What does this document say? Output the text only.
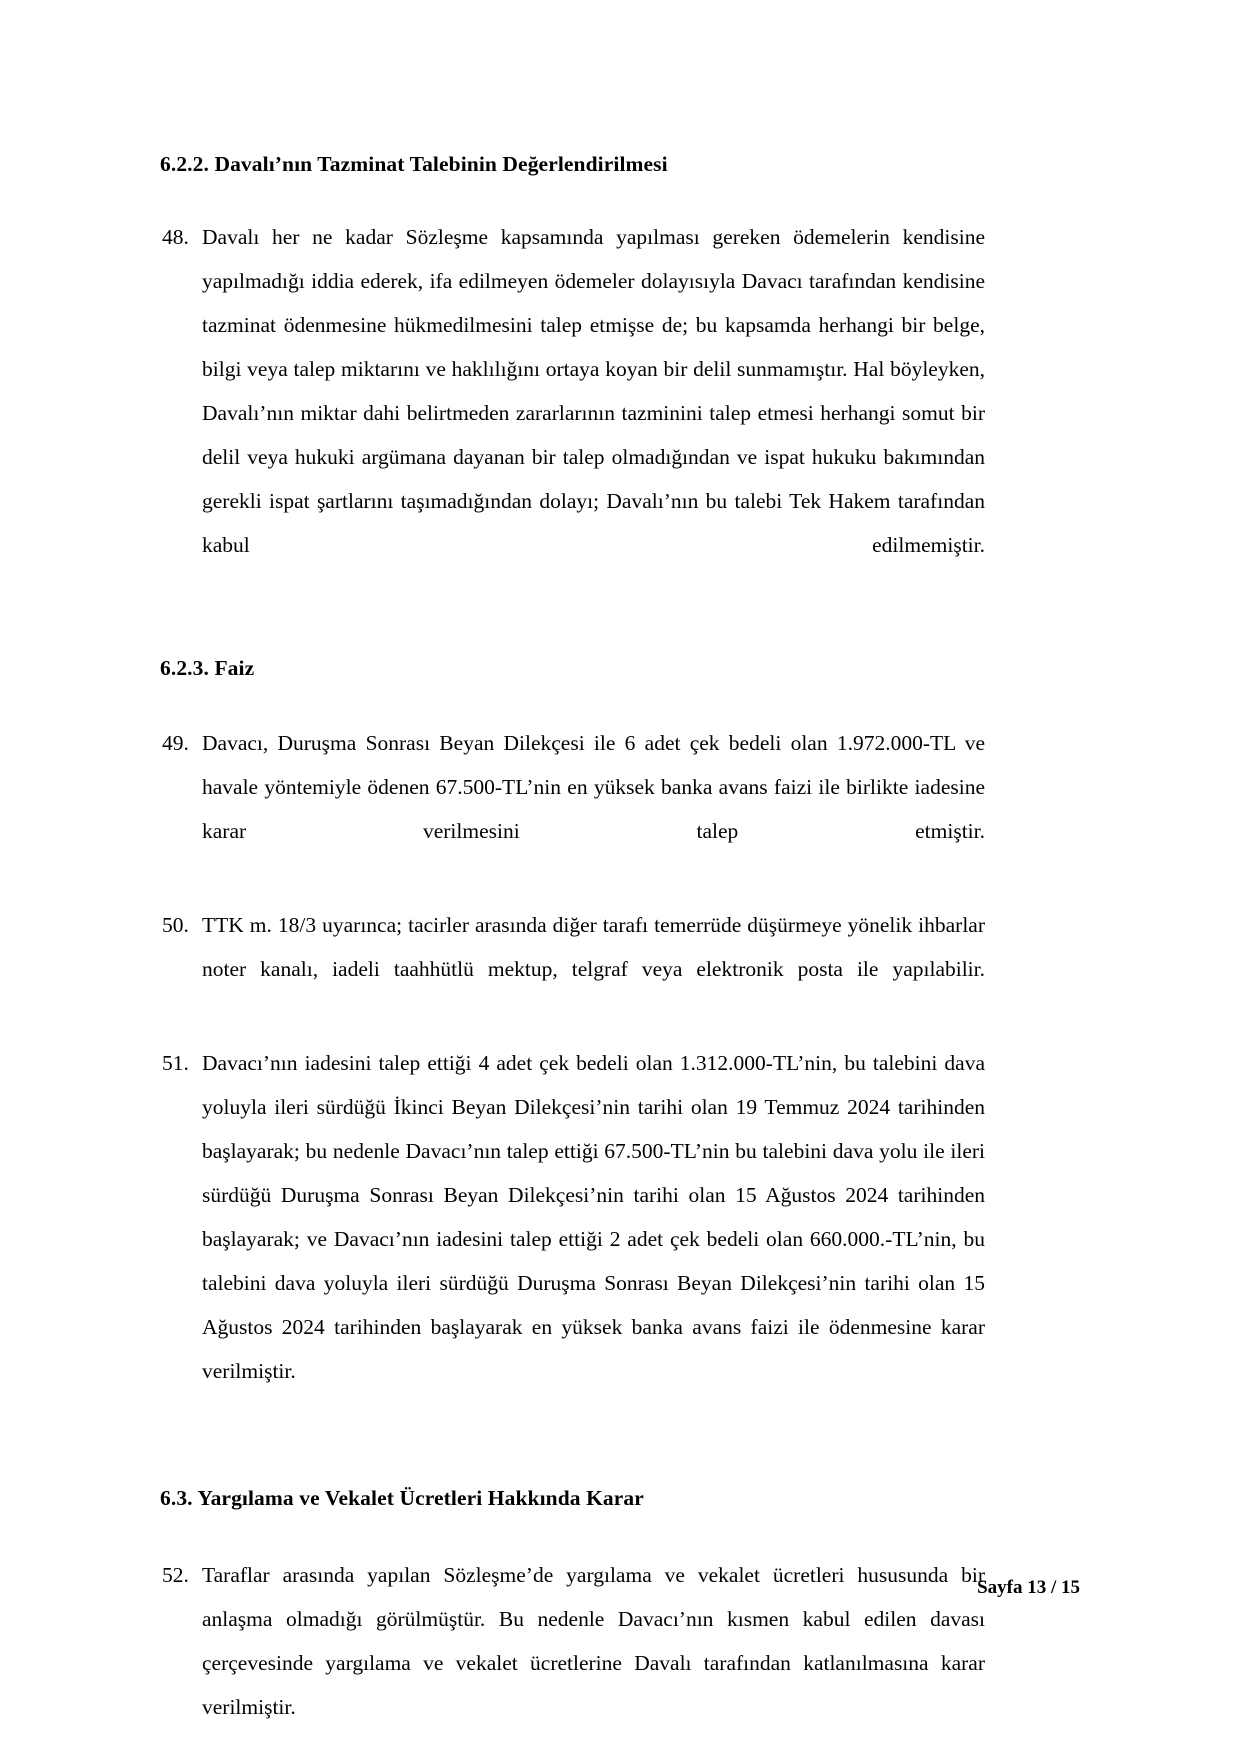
6.2.2. Davalı’nın Tazminat Talebinin Değerlendirilmesi
48. Davalı her ne kadar Sözleşme kapsamında yapılması gereken ödemelerin kendisine yapılmadığı iddia ederek, ifa edilmeyen ödemeler dolayısıyla Davacı tarafından kendisine tazminat ödenmesine hükmedilmesini talep etmişse de; bu kapsamda herhangi bir belge, bilgi veya talep miktarını ve haklılığını ortaya koyan bir delil sunmamıştır. Hal böyleyken, Davalı’nın miktar dahi belirtmeden zararlarının tazminini talep etmesi herhangi somut bir delil veya hukuki argümana dayanan bir talep olmadığından ve ispat hukuku bakımından gerekli ispat şartlarını taşımadığından dolayı; Davalı’nın bu talebi Tek Hakem tarafından kabul edilmemiştir.
6.2.3. Faiz
49. Davacı, Duruşma Sonrası Beyan Dilekçesi ile 6 adet çek bedeli olan 1.972.000-TL ve havale yöntemiyle ödenen 67.500-TL’nin en yüksek banka avans faizi ile birlikte iadesine karar verilmesini talep etmiştir.
50. TTK m. 18/3 uyarınca; tacirler arasında diğer tarafı temerrüde düşürmeye yönelik ihbarlar noter kanalı, iadeli taahhütlü mektup, telgraf veya elektronik posta ile yapılabilir.
51. Davacı’nın iadesini talep ettiği 4 adet çek bedeli olan 1.312.000-TL’nin, bu talebini dava yoluyla ileri sürdüğü İkinci Beyan Dilekçesi’nin tarihi olan 19 Temmuz 2024 tarihinden başlayarak; bu nedenle Davacı’nın talep ettiği 67.500-TL’nin bu talebini dava yolu ile ileri sürdüğü Duruşma Sonrası Beyan Dilekçesi’nin tarihi olan 15 Ağustos 2024 tarihinden başlayarak; ve Davacı’nın iadesini talep ettiği 2 adet çek bedeli olan 660.000.-TL’nin, bu talebini dava yoluyla ileri sürdüğü Duruşma Sonrası Beyan Dilekçesi’nin tarihi olan 15 Ağustos 2024 tarihinden başlayarak en yüksek banka avans faizi ile ödenmesine karar verilmiştir.
6.3. Yargılama ve Vekalet Ücretleri Hakkında Karar
52. Taraflar arasında yapılan Sözleşme’de yargılama ve vekalet ücretleri hususunda bir anlaşma olmadığı görülmüştür. Bu nedenle Davacı’nın kısmen kabul edilen davası çerçevesinde yargılama ve vekalet ücretlerine Davalı tarafından katlanılmasına karar verilmiştir.
Sayfa 13 / 15
